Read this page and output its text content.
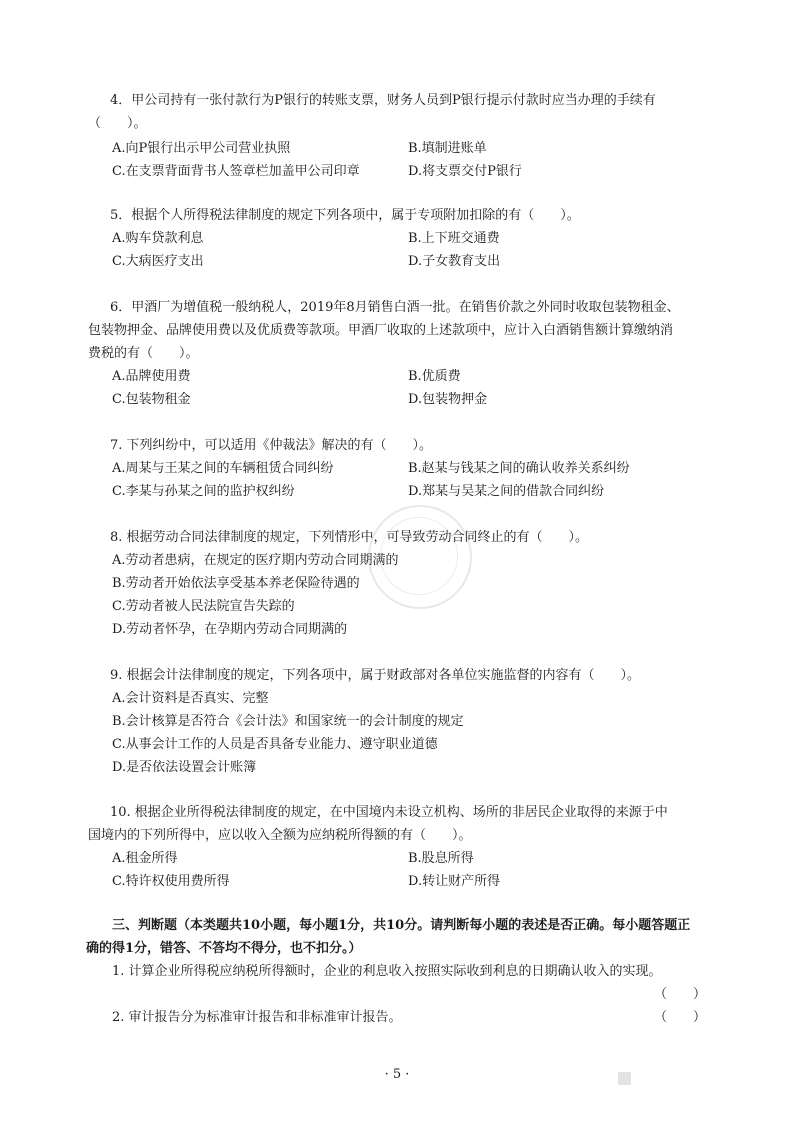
4．甲公司持有一张付款行为P银行的转账支票，财务人员到P银行提示付款时应当办理的手续有

（　　）。

A.向P银行出示甲公司营业执照	B.填制进账单
C.在支票背面背书人签章栏加盖甲公司印章	D.将支票交付P银行

5．根据个人所得税法律制度的规定下列各项中，属于专项附加扣除的有（　　）。

A.购车贷款利息	B.上下班交通费
C.大病医疗支出	D.子女教育支出

6．甲酒厂为增值税一般纳税人，2019年8月销售白酒一批。在销售价款之外同时收取包装物租金、

包装物押金、品牌使用费以及优质费等款项。甲酒厂收取的上述款项中，应计入白酒销售额计算缴纳消

费税的有（　　）。

A.品牌使用费	B.优质费
C.包装物租金	D.包装物押金

7. 下列纠纷中，可以适用《仲裁法》解决的有（　　）。

A.周某与王某之间的车辆租赁合同纠纷	B.赵某与钱某之间的确认收养关系纠纷
C.李某与孙某之间的监护权纠纷	D.郑某与吴某之间的借款合同纠纷

8. 根据劳动合同法律制度的规定，下列情形中，可导致劳动合同终止的有（　　）。

A.劳动者患病，在规定的医疗期内劳动合同期满的
B.劳动者开始依法享受基本养老保险待遇的
C.劳动者被人民法院宣告失踪的
D.劳动者怀孕，在孕期内劳动合同期满的

9. 根据会计法律制度的规定，下列各项中，属于财政部对各单位实施监督的内容有（　　）。

A.会计资料是否真实、完整
B.会计核算是否符合《会计法》和国家统一的会计制度的规定
C.从事会计工作的人员是否具备专业能力、遵守职业道德
D.是否依法设置会计账簿

10. 根据企业所得税法律制度的规定，在中国境内未设立机构、场所的非居民企业取得的来源于中

国境内的下列所得中，应以收入全额为应纳税所得额的有（　　）。

A.租金所得	B.股息所得
C.特许权使用费所得	D.转让财产所得
三、判断题（本类题共10小题，每小题1分，共10分。请判断每小题的表述是否正确。每小题答题正
确的得1分，错答、不答均不得分，也不扣分。）
1. 计算企业所得税应纳税所得额时，企业的利息收入按照实际收到利息的日期确认收入的实现。
（　　）
2. 审计报告分为标准审计报告和非标准审计报告。	（　　）
· 5 ·
